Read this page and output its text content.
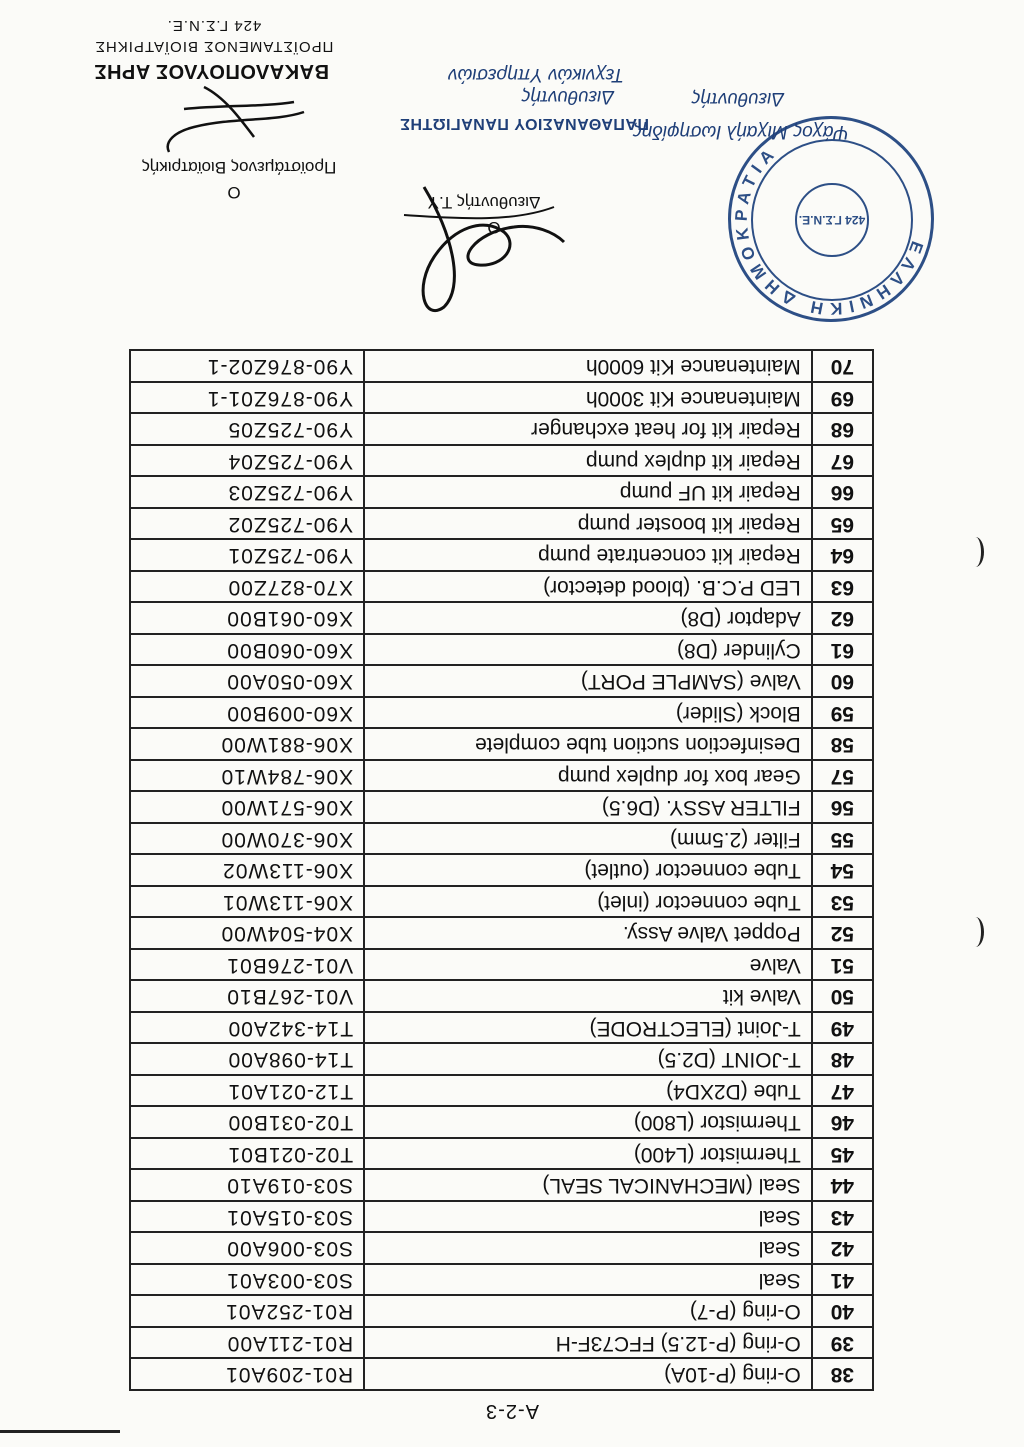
A-2-3
38	O-ring (P-10A)	R01-209A01
39	O-ring (P-12.5) FFC73F-H	R01-211A00
40	O-ring (P-7)	R01-252A01
41	Seal	S03-003A01
42	Seal	S03-006A00
43	Seal	S03-015A01
44	Seal (MECHANICAL SEAL)	S03-019A10
45	Thermistor (L400)	T02-021B01
46	Thermistor (L800)	T02-031B00
47	Tube (D2XD4)	T12-021A01
48	T-JOINT (D2.5)	T14-098A00
49	T-Joint (ELECTRODE)	T14-342A00
50	Valve kit	V01-267B10
51	Valve	V01-276B01
52	Poppet Valve Assy.	X04-504W00
53	Tube connector (inlet)	X06-113W01
54	Tube connector (outlet)	X06-113W02
55	Filter (2.5mm)	X06-370W00
56	FILTER ASSY. (D6.5)	X06-571W00
57	Gear box for duplex pump	X06-784W10
58	Desinfection suction tube complete	X06-881W00
59	Block (Slider)	X60-009B00
60	Valve (SAMPLE PORT)	X60-050A00
61	Cylinder (D8)	X60-060B00
62	Adaptor (D8)	X60-061B00
63	LED P.C.B. (blood detector)	X70-827Z00
64	Repair kit concentrate pump	Y90-725Z01
65	Repair kit booster pump	Y90-725Z02
66	Repair kit UF pump	Y90-725Z03
67	Repair kit duplex pump	Y90-725Z04
68	Repair kit for heat exchanger	Y90-725Z05
69	Maintenance Kit 3000h	Y90-876Z01-1
70	Maintenance Kit 6000h	Y90-876Z02-1
ΕΛΛΗΝΙΚΗ ΔΗΜΟΚΡΑΤΙΑ
424 Γ.Σ.Ν.Ε.
Διευθυντής
Ψάχος Μιχαήλ Ιωσηφίδης
Ο
Διευθυντής Τ.Υ
ΠΑΠΑΘΑΝΑΣΙΟΥ ΠΑΝΑΓΙΩΤΗΣ
Διευθυντής
Τεχνικών Υπηρεσιών
Ο
Προϊστάμενος Βιοϊατρικής
ΒΑΚΑΛΟΠΟΥΛΟΣ ΑΡΗΣ
ΠΡΟΪΣΤΑΜΕΝΟΣ ΒΙΟΪΑΤΡΙΚΗΣ
424 Γ.Σ.Ν.Ε.
